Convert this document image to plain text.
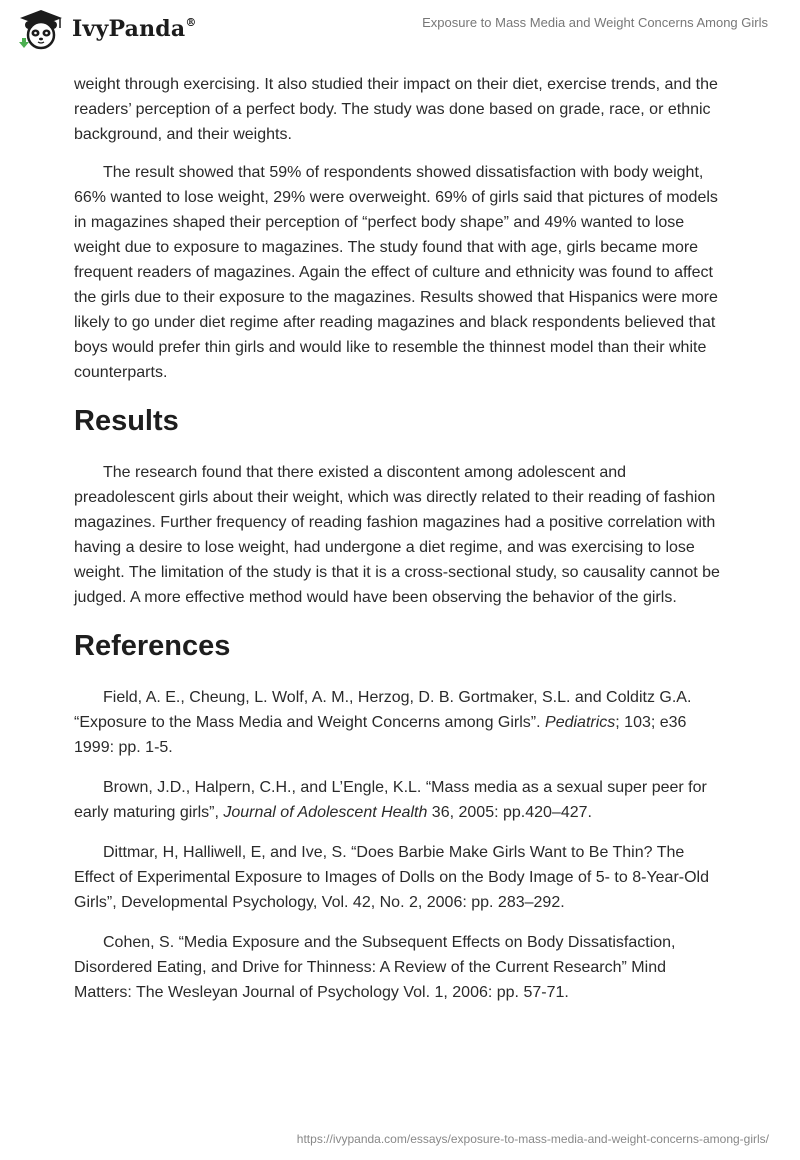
IvyPanda®	Exposure to Mass Media and Weight Concerns Among Girls

weight through exercising. It also studied their impact on their diet, exercise trends, and the readers’ perception of a perfect body. The study was done based on grade, race, or ethnic background, and their weights.

The result showed that 59% of respondents showed dissatisfaction with body weight, 66% wanted to lose weight, 29% were overweight. 69% of girls said that pictures of models in magazines shaped their perception of “perfect body shape” and 49% wanted to lose weight due to exposure to magazines. The study found that with age, girls became more frequent readers of magazines. Again the effect of culture and ethnicity was found to affect the girls due to their exposure to the magazines. Results showed that Hispanics were more likely to go under diet regime after reading magazines and black respondents believed that boys would prefer thin girls and would like to resemble the thinnest model than their white counterparts.

Results

The research found that there existed a discontent among adolescent and preadolescent girls about their weight, which was directly related to their reading of fashion magazines. Further frequency of reading fashion magazines had a positive correlation with having a desire to lose weight, had undergone a diet regime, and was exercising to lose weight. The limitation of the study is that it is a cross-sectional study, so causality cannot be judged. A more effective method would have been observing the behavior of the girls.

References

Field, A. E., Cheung, L. Wolf, A. M., Herzog, D. B. Gortmaker, S.L. and Colditz G.A. “Exposure to the Mass Media and Weight Concerns among Girls”. Pediatrics; 103; e36 1999: pp. 1-5.

Brown, J.D., Halpern, C.H., and L’Engle, K.L. “Mass media as a sexual super peer for early maturing girls”, Journal of Adolescent Health 36, 2005: pp.420–427.

Dittmar, H, Halliwell, E, and Ive, S. “Does Barbie Make Girls Want to Be Thin? The Effect of Experimental Exposure to Images of Dolls on the Body Image of 5- to 8-Year-Old Girls”, Developmental Psychology, Vol. 42, No. 2, 2006: pp. 283–292.

Cohen, S. “Media Exposure and the Subsequent Effects on Body Dissatisfaction, Disordered Eating, and Drive for Thinness: A Review of the Current Research” Mind Matters: The Wesleyan Journal of Psychology Vol. 1, 2006: pp. 57-71.

https://ivypanda.com/essays/exposure-to-mass-media-and-weight-concerns-among-girls/
